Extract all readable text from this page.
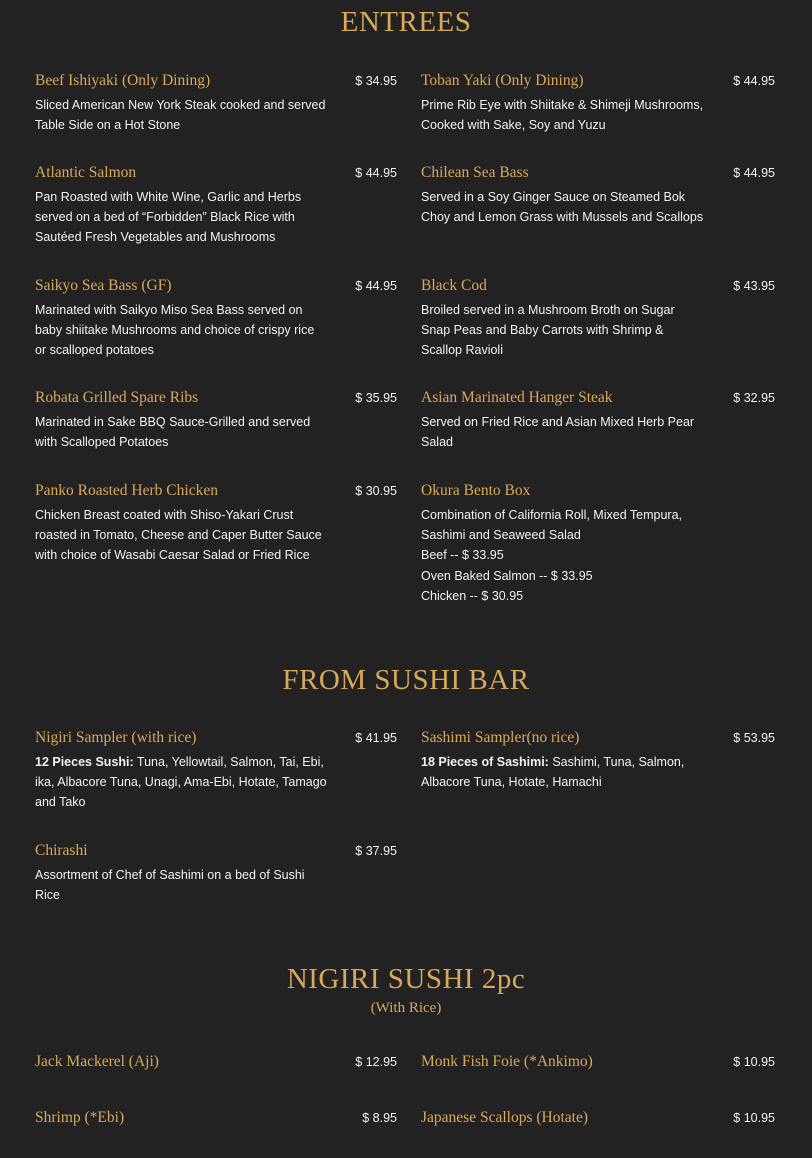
ENTREES
Beef Ishiyaki (Only Dining)	$ 34.95
Sliced American New York Steak cooked and served Table Side on a Hot Stone
Toban Yaki (Only Dining)	$ 44.95
Prime Rib Eye with Shiitake & Shimeji Mushrooms, Cooked with Sake, Soy and Yuzu
Atlantic Salmon	$ 44.95
Pan Roasted with White Wine, Garlic and Herbs served on a bed of “Forbidden” Black Rice with Sautéed Fresh Vegetables and Mushrooms
Chilean Sea Bass	$ 44.95
Served in a Soy Ginger Sauce on Steamed Bok Choy and Lemon Grass with Mussels and Scallops
Saikyo Sea Bass (GF)	$ 44.95
Marinated with Saikyo Miso Sea Bass served on baby shiitake Mushrooms and choice of crispy rice or scalloped potatoes
Black Cod	$ 43.95
Broiled served in a Mushroom Broth on Sugar Snap Peas and Baby Carrots with Shrimp & Scallop Ravioli
Robata Grilled Spare Ribs	$ 35.95
Marinated in Sake BBQ Sauce-Grilled and served with Scalloped Potatoes
Asian Marinated Hanger Steak	$ 32.95
Served on Fried Rice and Asian Mixed Herb Pear Salad
Panko Roasted Herb Chicken	$ 30.95
Chicken Breast coated with Shiso-Yakari Crust roasted in Tomato, Cheese and Caper Butter Sauce with choice of Wasabi Caesar Salad or Fried Rice
Okura Bento Box
Combination of California Roll, Mixed Tempura, Sashimi and Seaweed Salad
Beef -- $ 33.95
Oven Baked Salmon -- $ 33.95
Chicken -- $ 30.95
FROM SUSHI BAR
Nigiri Sampler (with rice)	$ 41.95
12 Pieces Sushi: Tuna, Yellowtail, Salmon, Tai, Ebi, ika, Albacore Tuna, Unagi, Ama-Ebi, Hotate, Tamago and Tako
Sashimi Sampler(no rice)	$ 53.95
18 Pieces of Sashimi: Sashimi, Tuna, Salmon, Albacore Tuna, Hotate, Hamachi
Chirashi	$ 37.95
Assortment of Chef of Sashimi on a bed of Sushi Rice
NIGIRI SUSHI 2pc
(With Rice)
Jack Mackerel (Aji)	$ 12.95 Monk Fish Foie (*Ankimo)	$ 10.95
Shrimp (*Ebi)	$ 8.95 Japanese Scallops (Hotate)	$ 10.95
